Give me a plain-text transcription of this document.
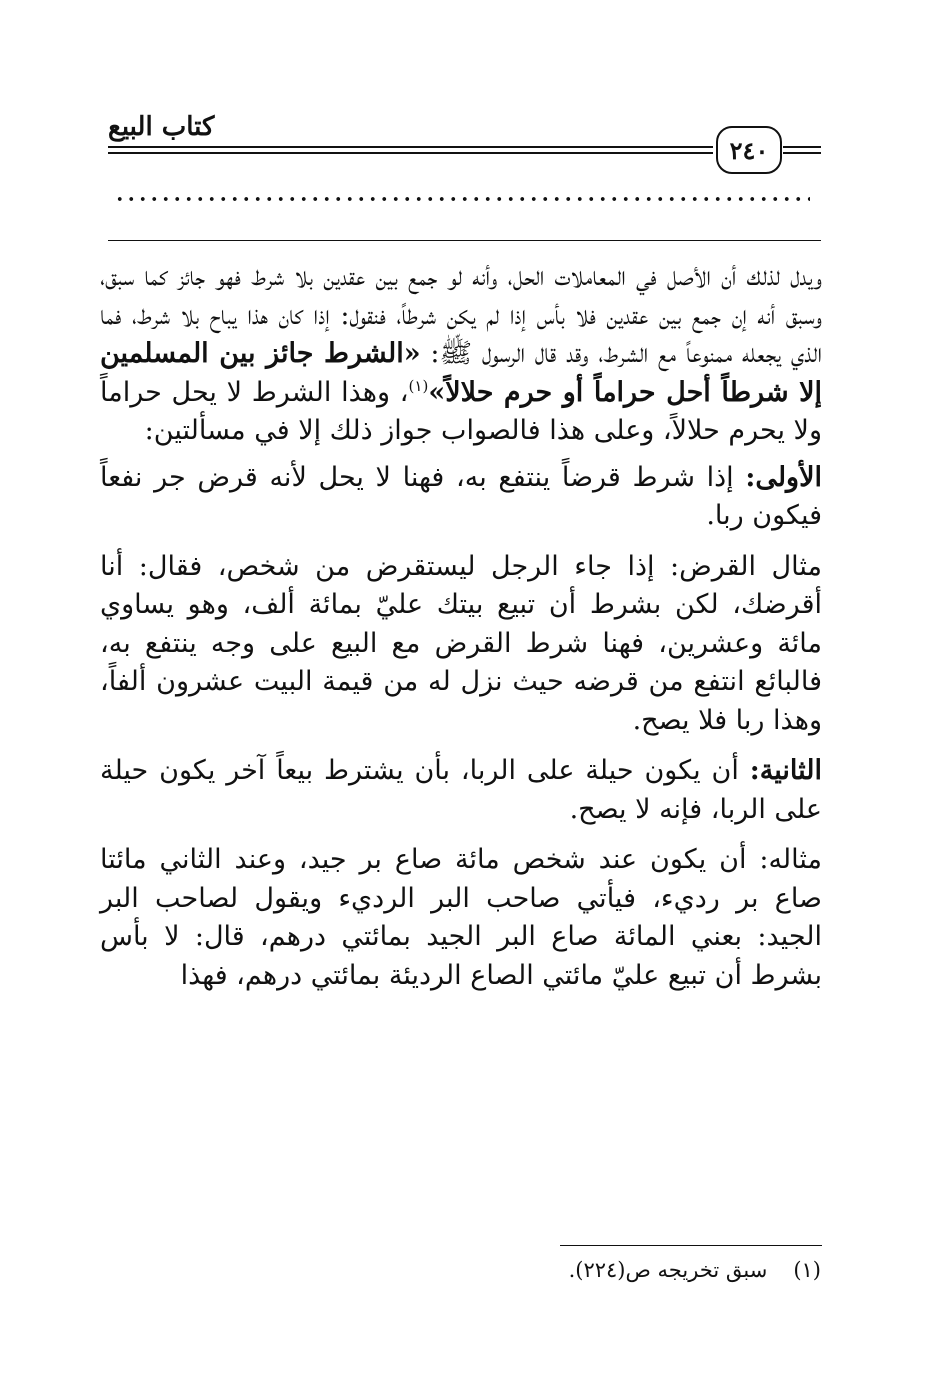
كتاب البيع
٢٤٠

ويدل لذلك أن الأصل في المعاملات الحل، وأنه لو جمع بين عقدين بلا شرط فهو جائز كما سبق، وسبق أنه إن جمع بين عقدين فلا بأس إذا لم يكن شرطاً، فنقول: إذا كان هذا يباح بلا شرط، فما الذي يجعله ممنوعاً مع الشرط، وقد قال الرسول ﷺ: «الشرط جائز بين المسلمين إلا شرطاً أحل حراماً أو حرم حلالاً»$^{(١)}$، وهذا الشرط لا يحل حراماً ولا يحرم حلالاً، وعلى هذا فالصواب جواز ذلك إلا في مسألتين:

الأولى: إذا شرط قرضاً ينتفع به، فهنا لا يحل لأنه قرض جر نفعاً فيكون ربا.

مثال القرض: إذا جاء الرجل ليستقرض من شخص، فقال: أنا أقرضك، لكن بشرط أن تبيع بيتك عليّ بمائة ألف، وهو يساوي مائة وعشرين، فهنا شرط القرض مع البيع على وجه ينتفع به، فالبائع انتفع من قرضه حيث نزل له من قيمة البيت عشرون ألفاً، وهذا ربا فلا يصح.

الثانية: أن يكون حيلة على الربا، بأن يشترط بيعاً آخر يكون حيلة على الربا، فإنه لا يصح.

مثاله: أن يكون عند شخص مائة صاع بر جيد، وعند الثاني مائتا صاع بر رديء، فيأتي صاحب البر الرديء ويقول لصاحب البر الجيد: بعني المائة صاع البر الجيد بمائتي درهم، قال: لا بأس بشرط أن تبيع عليّ مائتي الصاع الرديئة بمائتي درهم، فهذا

(١)سبق تخريجه ص(٢٢٤).
